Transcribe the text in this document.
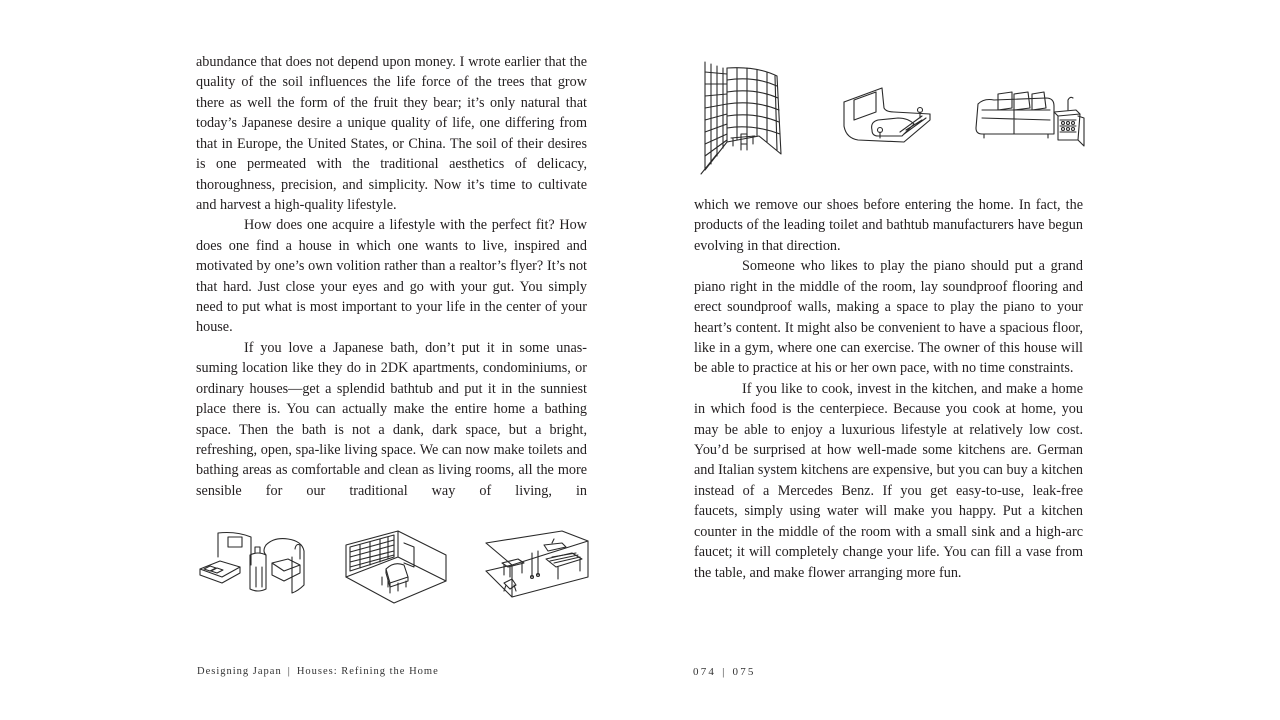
abundance that does not depend upon money. I wrote earlier that the quality of the soil influences the life force of the trees that grow there as well the form of the fruit they bear; it’s only natural that today’s Japanese desire a unique quality of life, one differing from that in Europe, the United States, or China. The soil of their desires is one permeated with the traditional aesthetics of delicacy, thoroughness, precision, and simplicity. Now it’s time to cultivate and harvest a high-quality lifestyle.

How does one acquire a lifestyle with the perfect fit? How does one find a house in which one wants to live, inspired and motivated by one’s own volition rather than a realtor’s flyer? It’s not that hard. Just close your eyes and go with your gut. You simply need to put what is most important to your life in the center of your house.

If you love a Japanese bath, don’t put it in some unassuming location like they do in 2DK apartments, condominiums, or ordinary houses—get a splendid bathtub and put it in the sunniest place there is. You can actually make the entire home a bathing space. Then the bath is not a dank, dark space, but a bright, refreshing, open, spa-like living space. We can now make toilets and bathing areas as comfortable and clean as living rooms, all the more sensible for our traditional way of living, in

which we remove our shoes before entering the home. In fact, the products of the leading toilet and bathtub manufacturers have begun evolving in that direction.

Someone who likes to play the piano should put a grand piano right in the middle of the room, lay soundproof flooring and erect soundproof walls, making a space to play the piano to your heart’s content. It might also be convenient to have a spacious floor, like in a gym, where one can exercise. The owner of this house will be able to practice at his or her own pace, with no time constraints.

If you like to cook, invest in the kitchen, and make a home in which food is the centerpiece. Because you cook at home, you may be able to enjoy a luxurious lifestyle at relatively low cost. You’d be surprised at how well-made some kitchens are. German and Italian system kitchens are expensive, but you can buy a kitchen instead of a Mercedes Benz. If you get easy-to-use, leak-free faucets, simply using water will make you happy. Put a kitchen counter in the middle of the room with a small sink and a high-arc faucet; it will completely change your life. You can fill a vase from the table, and make flower arranging more fun.

Designing Japan | Houses: Refining the Home	074 | 075
